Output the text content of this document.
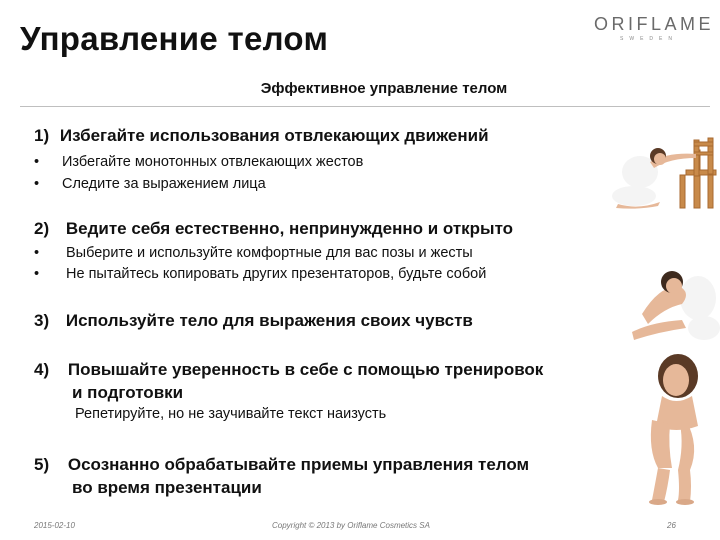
Управление телом	ORIFLAME
SWEDEN
Эффективное управление телом
1) Избегайте использования отвлекающих движений
• Избегайте монотонных отвлекающих жестов
• Следите за выражением лица
2) Ведите себя естественно, непринужденно и открыто
• Выберите и используйте комфортные для вас позы и жесты
• Не пытайтесь копировать других презентаторов, будьте собой
3) Используйте тело для выражения своих чувств
4) Повышайте уверенность в себе с помощью тренировок
и подготовки
Репетируйте, но не заучивайте текст наизусть
5) Осознанно обрабатывайте приемы управления телом
во время презентации
2015-02-10	Copyright © 2013 by Oriflame Cosmetics SA	26
